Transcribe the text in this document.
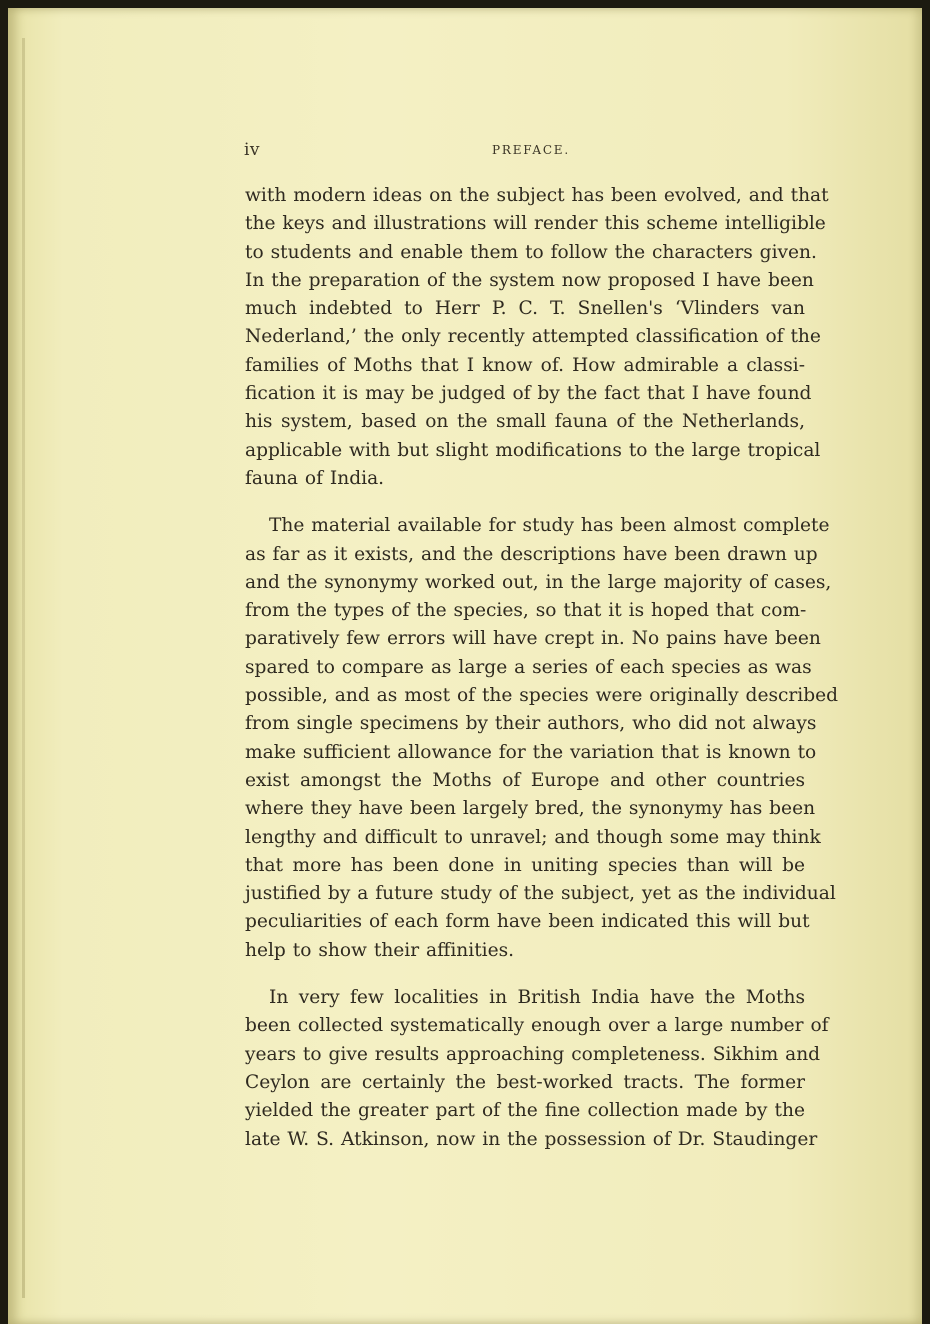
iv	PREFACE.
with modern ideas on the subject has been evolved, and that
the keys and illustrations will render this scheme intelligible
to students and enable them to follow the characters given.
In the preparation of the system now proposed I have been
much indebted to Herr P. C. T. Snellen's ‘Vlinders van
Nederland,’ the only recently attempted classification of the
families of Moths that I know of. How admirable a classi-
fication it is may be judged of by the fact that I have found
his system, based on the small fauna of the Netherlands,
applicable with but slight modifications to the large tropical
fauna of India.
The material available for study has been almost complete
as far as it exists, and the descriptions have been drawn up
and the synonymy worked out, in the large majority of cases,
from the types of the species, so that it is hoped that com-
paratively few errors will have crept in. No pains have been
spared to compare as large a series of each species as was
possible, and as most of the species were originally described
from single specimens by their authors, who did not always
make sufficient allowance for the variation that is known to
exist amongst the Moths of Europe and other countries
where they have been largely bred, the synonymy has been
lengthy and difficult to unravel; and though some may think
that more has been done in uniting species than will be
justified by a future study of the subject, yet as the individual
peculiarities of each form have been indicated this will but
help to show their affinities.
In very few localities in British India have the Moths
been collected systematically enough over a large number of
years to give results approaching completeness. Sikhim and
Ceylon are certainly the best-worked tracts. The former
yielded the greater part of the fine collection made by the
late W. S. Atkinson, now in the possession of Dr. Staudinger
